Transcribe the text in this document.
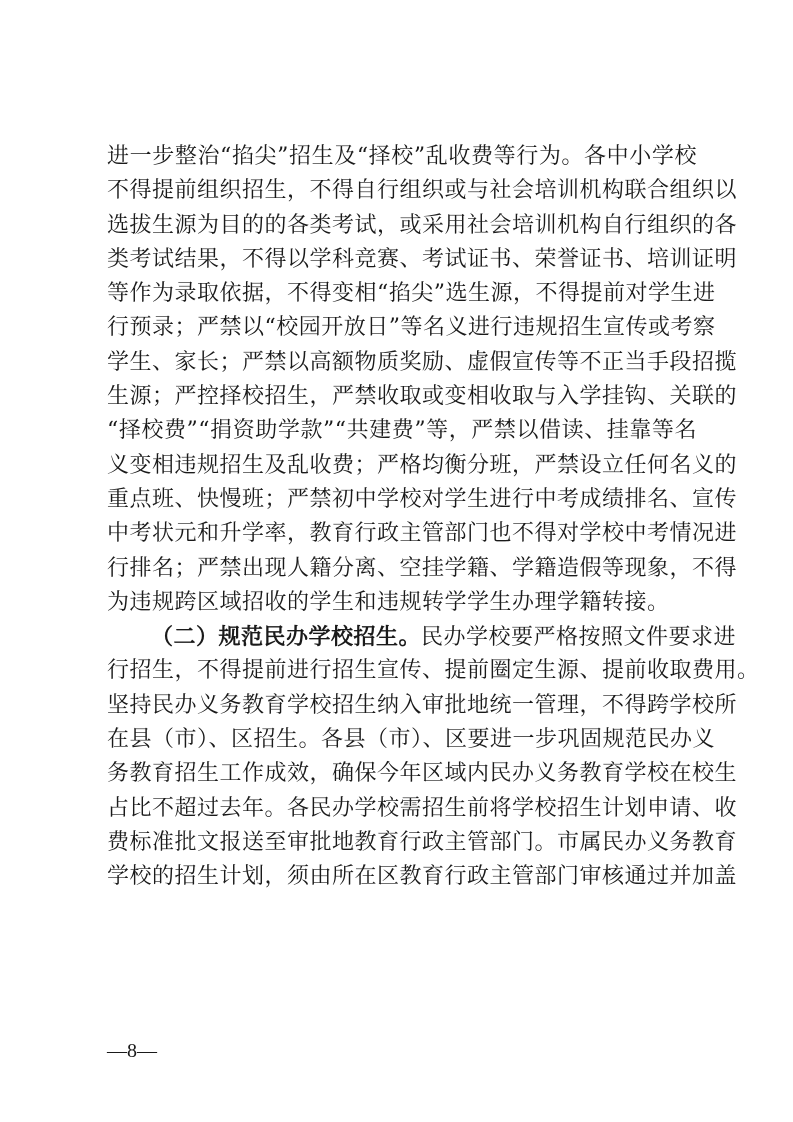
进一步整治“掐尖”招生及“择校”乱收费等行为。各中小学校
不得提前组织招生，不得自行组织或与社会培训机构联合组织以
选拔生源为目的的各类考试，或采用社会培训机构自行组织的各
类考试结果，不得以学科竞赛、考试证书、荣誉证书、培训证明
等作为录取依据，不得变相“掐尖”选生源，不得提前对学生进
行预录；严禁以“校园开放日”等名义进行违规招生宣传或考察
学生、家长；严禁以高额物质奖励、虚假宣传等不正当手段招揽
生源；严控择校招生，严禁收取或变相收取与入学挂钩、关联的
“择校费”“捐资助学款”“共建费”等，严禁以借读、挂靠等名
义变相违规招生及乱收费；严格均衡分班，严禁设立任何名义的
重点班、快慢班；严禁初中学校对学生进行中考成绩排名、宣传
中考状元和升学率，教育行政主管部门也不得对学校中考情况进
行排名；严禁出现人籍分离、空挂学籍、学籍造假等现象，不得
为违规跨区域招收的学生和违规转学学生办理学籍转接。
（二）规范民办学校招生。民办学校要严格按照文件要求进
行招生，不得提前进行招生宣传、提前圈定生源、提前收取费用。
坚持民办义务教育学校招生纳入审批地统一管理，不得跨学校所
在县（市）、区招生。各县（市）、区要进一步巩固规范民办义
务教育招生工作成效，确保今年区域内民办义务教育学校在校生
占比不超过去年。各民办学校需招生前将学校招生计划申请、收
费标准批文报送至审批地教育行政主管部门。市属民办义务教育
学校的招生计划，须由所在区教育行政主管部门审核通过并加盖
—8—
